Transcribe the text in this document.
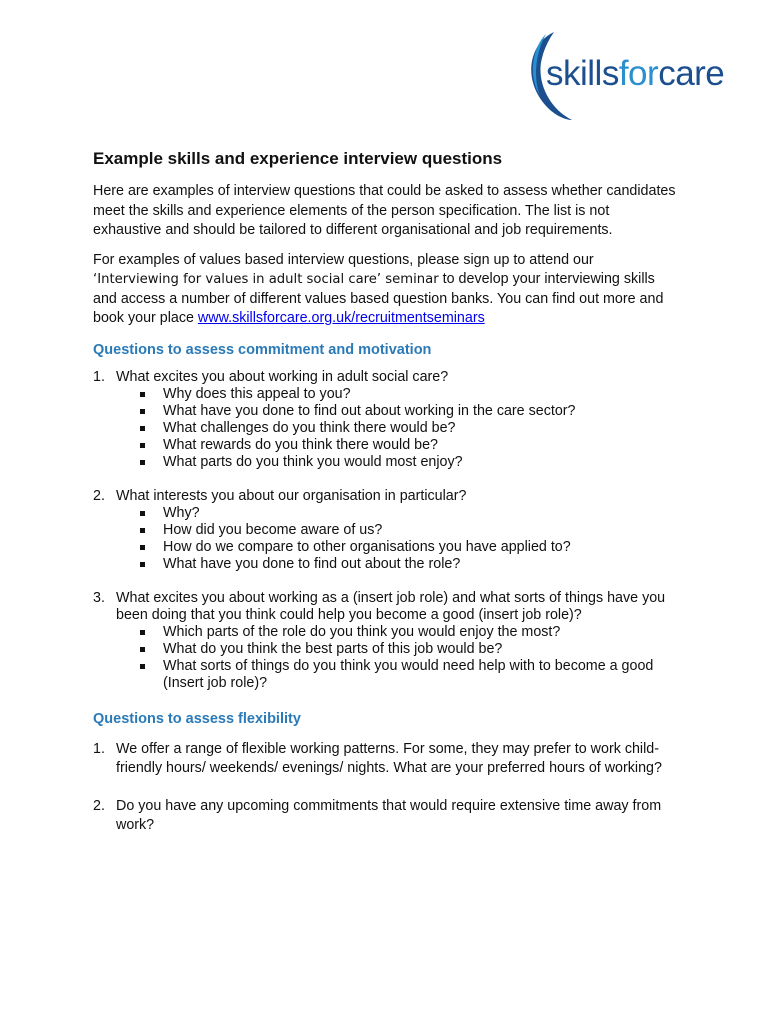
skillsforcare
Example skills and experience interview questions

Here are examples of interview questions that could be asked to assess whether candidates meet the skills and experience elements of the person specification. The list is not exhaustive and should be tailored to different organisational and job requirements.

For examples of values based interview questions, please sign up to attend our ‘Interviewing for values in adult social care’ seminar to develop your interviewing skills and access a number of different values based question banks. You can find out more and book your place www.skillsforcare.org.uk/recruitmentseminars

Questions to assess commitment and motivation
1. What excites you about working in adult social care?
Why does this appeal to you?
What have you done to find out about working in the care sector?
What challenges do you think there would be?
What rewards do you think there would be?
What parts do you think you would most enjoy?
2. What interests you about our organisation in particular?
Why?
How did you become aware of us?
How do we compare to other organisations you have applied to?
What have you done to find out about the role?
3. What excites you about working as a (insert job role) and what sorts of things have you been doing that you think could help you become a good (insert job role)?
Which parts of the role do you think you would enjoy the most?
What do you think the best parts of this job would be?
What sorts of things do you think you would need help with to become a good (Insert job role)?
Questions to assess flexibility
1. We offer a range of flexible working patterns. For some, they may prefer to work child-friendly hours/ weekends/ evenings/ nights. What are your preferred hours of working?
2. Do you have any upcoming commitments that would require extensive time away from work?
